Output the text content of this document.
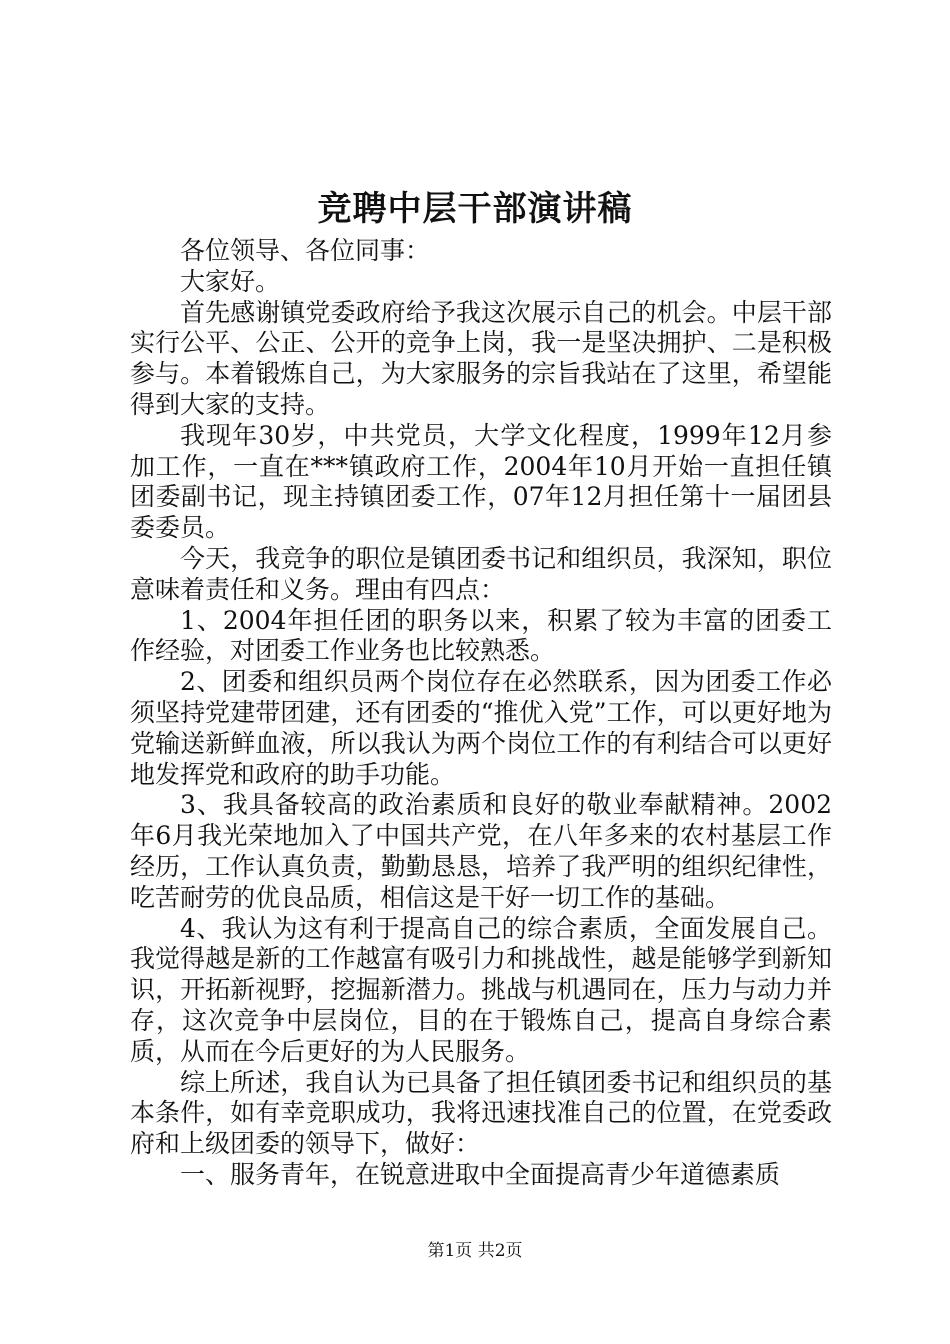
竞聘中层干部演讲稿

各位领导、各位同事：

大家好。

首先感谢镇党委政府给予我这次展示自己的机会。中层干部实行公平、公正、公开的竞争上岗，我一是坚决拥护、二是积极参与。本着锻炼自己，为大家服务的宗旨我站在了这里，希望能得到大家的支持。

我现年30岁，中共党员，大学文化程度，1999年12月参加工作，一直在***镇政府工作，2004年10月开始一直担任镇团委副书记，现主持镇团委工作，07年12月担任第十一届团县委委员。

今天，我竞争的职位是镇团委书记和组织员，我深知，职位意味着责任和义务。理由有四点：

1、2004年担任团的职务以来，积累了较为丰富的团委工作经验，对团委工作业务也比较熟悉。

2、团委和组织员两个岗位存在必然联系，因为团委工作必须坚持党建带团建，还有团委的“推优入党”工作，可以更好地为党输送新鲜血液，所以我认为两个岗位工作的有利结合可以更好地发挥党和政府的助手功能。

3、我具备较高的政治素质和良好的敬业奉献精神。2002年6月我光荣地加入了中国共产党，在八年多来的农村基层工作经历，工作认真负责，勤勤恳恳，培养了我严明的组织纪律性，吃苦耐劳的优良品质，相信这是干好一切工作的基础。

4、我认为这有利于提高自己的综合素质，全面发展自己。我觉得越是新的工作越富有吸引力和挑战性，越是能够学到新知识，开拓新视野，挖掘新潜力。挑战与机遇同在，压力与动力并存，这次竞争中层岗位，目的在于锻炼自己，提高自身综合素质，从而在今后更好的为人民服务。

综上所述，我自认为已具备了担任镇团委书记和组织员的基本条件，如有幸竞职成功，我将迅速找准自己的位置，在党委政府和上级团委的领导下，做好：

一、服务青年，在锐意进取中全面提高青少年道德素质

第1页 共2页
